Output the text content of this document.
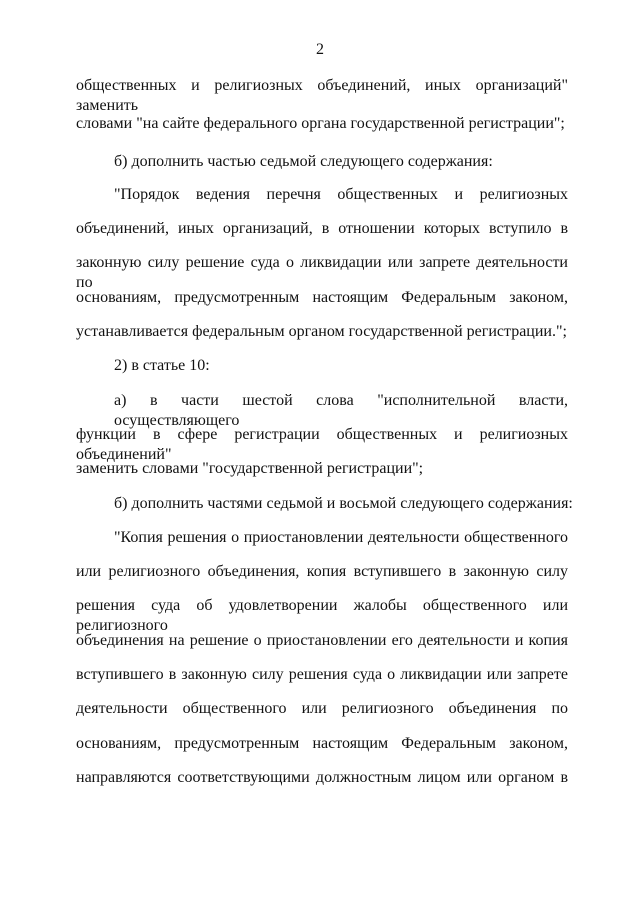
2
общественных и религиозных объединений, иных организаций" заменить
словами "на сайте федерального органа государственной регистрации";
б) дополнить частью седьмой следующего содержания:
"Порядок ведения перечня общественных и религиозных
объединений, иных организаций, в отношении которых вступило в
законную силу решение суда о ликвидации или запрете деятельности по
основаниям, предусмотренным настоящим Федеральным законом,
устанавливается федеральным органом государственной регистрации.";
2) в статье 10:
а) в части шестой слова "исполнительной власти, осуществляющего
функции в сфере регистрации общественных и религиозных объединений"
заменить словами "государственной регистрации";
б) дополнить частями седьмой и восьмой следующего содержания:
"Копия решения о приостановлении деятельности общественного
или религиозного объединения, копия вступившего в законную силу
решения суда об удовлетворении жалобы общественного или религиозного
объединения на решение о приостановлении его деятельности и копия
вступившего в законную силу решения суда о ликвидации или запрете
деятельности общественного или религиозного объединения по
основаниям, предусмотренным настоящим Федеральным законом,
направляются соответствующими должностным лицом или органом в
